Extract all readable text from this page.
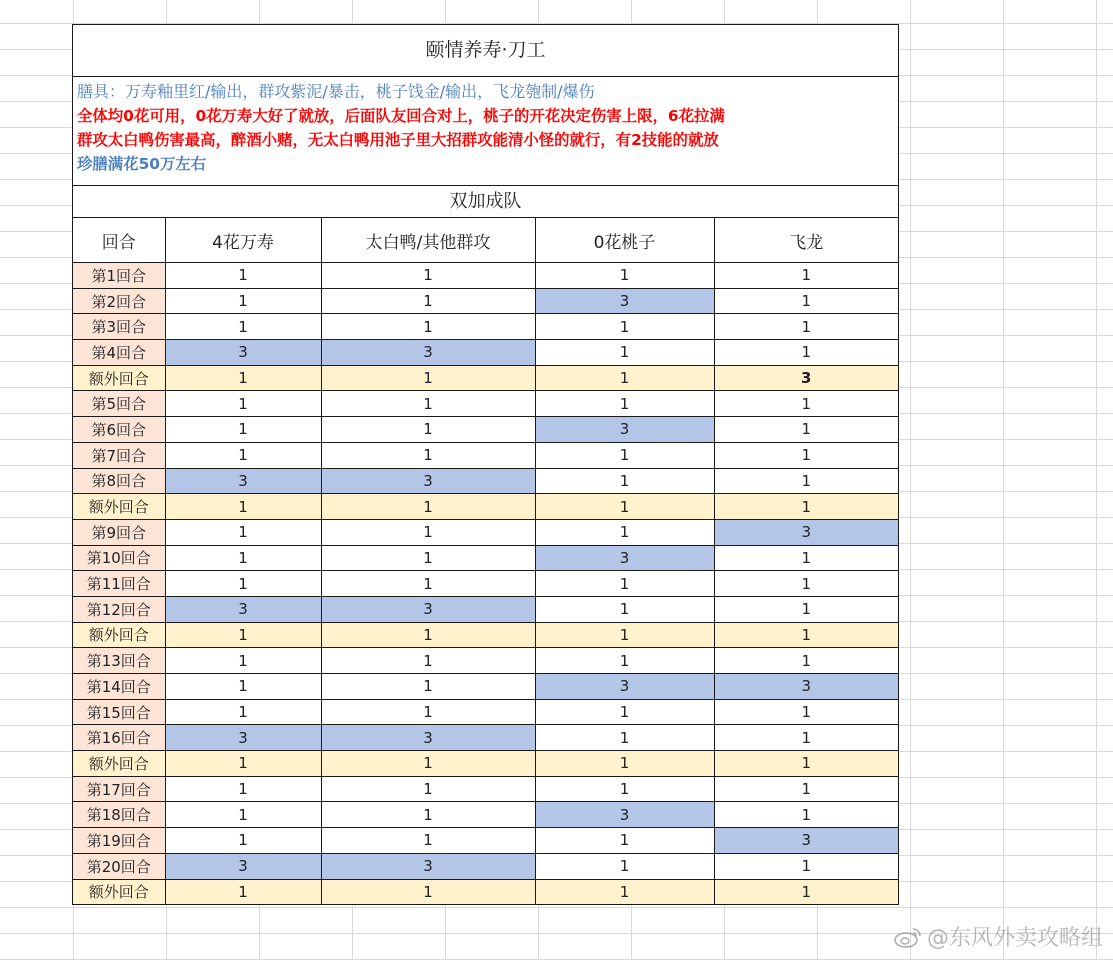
颐情养寿·刀工
膳具：万寿釉里红/输出，群攻紫泥/暴击，桃子饯金/输出，飞龙匏制/爆伤
全体均0花可用，0花万寿大好了就放，后面队友回合对上，桃子的开花决定伤害上限，6花拉满
群攻太白鸭伤害最高，醉酒小赌，无太白鸭用池子里大招群攻能清小怪的就行，有2技能的就放
珍膳满花50万左右
双加成队
回合	4花万寿	太白鸭/其他群攻	0花桃子	飞龙
第1回合	1	1	1	1
第2回合	1	1	3	1
第3回合	1	1	1	1
第4回合	3	3	1	1
额外回合	1	1	1	3
第5回合	1	1	1	1
第6回合	1	1	3	1
第7回合	1	1	1	1
第8回合	3	3	1	1
额外回合	1	1	1	1
第9回合	1	1	1	3
第10回合	1	1	3	1
第11回合	1	1	1	1
第12回合	3	3	1	1
额外回合	1	1	1	1
第13回合	1	1	1	1
第14回合	1	1	3	3
第15回合	1	1	1	1
第16回合	3	3	1	1
额外回合	1	1	1	1
第17回合	1	1	1	1
第18回合	1	1	3	1
第19回合	1	1	1	3
第20回合	3	3	1	1
额外回合	1	1	1	1
@东风外卖攻略组
